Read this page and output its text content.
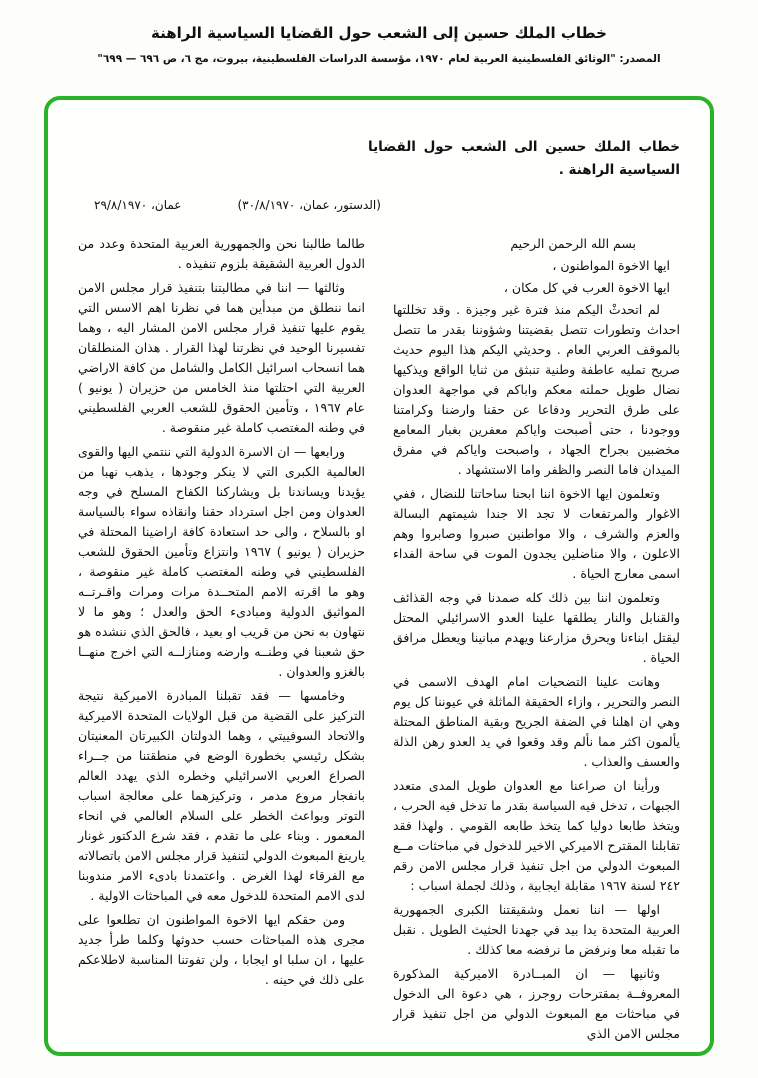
خطاب الملك حسين إلى الشعب حول القضايا السياسية الراهنة
المصدر: "الوثائق الفلسطينية العربية لعام ١٩٧٠، مؤسسة الدراسات الفلسطينية، بيروت، مج ٦، ص ٦٩٦ — ٦٩٩"
خطاب الملك حسين الى الشعب حول القضايا السياسية الراهنة .
عمان، ٢٩/٨/١٩٧٠	(الدستور، عمان، ٣٠/٨/١٩٧٠)

بسم الله الرحمن الرحيم

ايها الاخوة المواطنون ،

ايها الاخوة العرب في كل مكان ،

لم اتحدثْ اليكم منذ فترة غير وجيزة . وقد تخللتها احداث وتطورات تتصل بقضيتنا وشؤوننا بقدر ما تتصل بالموقف العربي العام . وحديثي اليكم هذا اليوم حديث صريح تمليه عاطفة وطنية تنبثق من ثنايا الواقع ويذكيها نضال طويل حملته معكم واباكم في مواجهة العدوان على طرق التحرير ودفاعا عن حقنا وارضنا وكرامتنا ووجودنا ، حتى أصبحت واياكم معفرين بغبار المعامع مخضبين بجراح الجهاد ، واصبحت واياكم في مفرق الميدان فاما النصر والظفر واما الاستشهاد .

وتعلمون ايها الاخوة اننا ابحنا ساحاتنا للنضال ، ففي الاغوار والمرتفعات لا تجد الا جندا شيمتهم البسالة والعزم والشرف ، والا مواطنين صبروا وصابروا وهم الاعلون ، والا مناضلين يجدون الموت في ساحة الفداء اسمى معارج الحياة .

وتعلمون اننا بين ذلك كله صمدنا في وجه القذائف والقنابل والنار يطلقها علينا العدو الاسرائيلي المحتل ليقتل ابناءنا ويحرق مزارعنا ويهدم مبانينا ويعطل مرافق الحياة .

وهانت علينا التضحيات امام الهدف الاسمى في النصر والتحرير ، وازاء الحقيقة الماثلة في عيوننا كل يوم وهي ان اهلنا في الضفة الجريح وبقية المناطق المحتلة يألمون اكثر مما نألم وقد وقعوا في يد العدو رهن الذلة والعسف والعذاب .

ورأينا ان صراعنا مع العدوان طويل المدى متعدد الجبهات ، تدخل فيه السياسة بقدر ما تدخل فيه الحرب ، ويتخذ طابعا دوليا كما يتخذ طابعه القومي . ولهذا فقد تقابلنا المقترح الاميركي الاخير للدخول في مباحثات مــع المبعوث الدولي من اجل تنفيذ قرار مجلس الامن رقم ٢٤٢ لسنة ١٩٦٧ مقابلة ايجابية ، وذلك لجملة اسباب :

اولها — اننا نعمل وشقيقتنا الكبرى الجمهورية العربية المتحدة يدا بيد في جهدنا الحثيث الطويل . نقبل ما تقبله معا ونرفض ما نرفضه معا كذلك .

وثانيها — ان المبــادرة الاميركية المذكورة المعروفــة بمقترحات روجرز ، هي دعوة الى الدخول في مباحثات مع المبعوث الدولي من اجل تنفيذ قرار مجلس الامن الذي

طالما طالبنا نحن والجمهورية العربية المتحدة وعدد من الدول العربية الشقيقة بلزوم تنفيذه .

وثالثها — اننا في مطالبتنا بتنفيذ قرار مجلس الامن انما ننطلق من مبدأين هما في نظرنا اهم الاسس التي يقوم عليها تنفيذ قرار مجلس الامن المشار اليه ، وهما تفسيرنا الوحيد في نظرتنا لهذا القرار . هذان المنطلقان هما انسحاب اسرائيل الكامل والشامل من كافة الاراضي العربية التي احتلتها منذ الخامس من حزيران ( يونيو ) عام ١٩٦٧ ، وتأمين الحقوق للشعب العربي الفلسطيني في وطنه المغتصب كاملة غير منقوصة .

ورابعها — ان الاسرة الدولية التي ننتمي اليها والقوى العالمية الكبرى التي لا ينكر وجودها ، يذهب نهبا من يؤيدنا ويساندنا بل ويشاركنا الكفاح المسلح في وجه العدوان ومن اجل استرداد حقنا وانقاذه سواء بالسياسة او بالسلاح ، والى حد استعادة كافة اراضينا المحتلة في حزيران ( يونيو ) ١٩٦٧ وانتزاع وتأمين الحقوق للشعب الفلسطيني في وطنه المغتصب كاملة غير منقوصة ، وهو ما اقرته الامم المتحــدة مرات ومرات واقـرتــه المواثيق الدولية ومبادىء الحق والعدل ؛ وهو ما لا نتهاون به نحن من قريب او بعيد ، فالحق الذي ننشده هو حق شعبنا في وطنــه وارضه ومنازلــه التي اخرج منهــا بالغزو والعدوان .

وخامسها — فقد تقبلنا المبادرة الاميركية نتيجة التركيز على القضية من قبل الولايات المتحدة الاميركية والاتحاد السوفييتي ، وهما الدولتان الكبيرتان المعنيتان بشكل رئيسي بخطورة الوضع في منطقتنا من جــراء الصراع العربي الاسرائيلي وخطره الذي يهدد العالم بانفجار مروع مدمر ، وتركيزهما على معالجة اسباب التوتر وبواعث الخطر على السلام العالمي في انحاء المعمور . وبناء على ما تقدم ، فقد شرع الدكتور غونار يارينغ المبعوث الدولي لتنفيذ قرار مجلس الامن باتصالاته مع الفرقاء لهذا الغرض . واعتمدنا بادىء الامر مندوبنا لدى الامم المتحدة للدخول معه في المباحثات الاولية .

ومن حقكم ايها الاخوة المواطنون ان تطلعوا على مجرى هذه المباحثات حسب حدوثها وكلما طرأ جديد عليها ، ان سلبا او ايجابا ، ولن تفوتنا المناسبة لاطلاعكم على ذلك في حينه .
